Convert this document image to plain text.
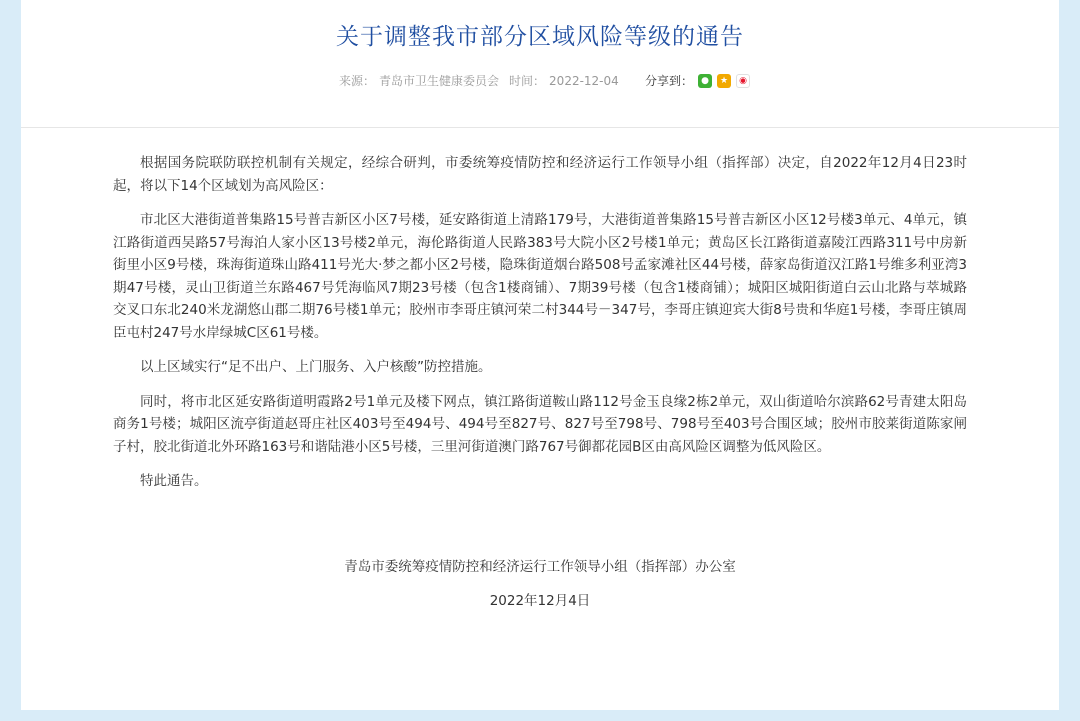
关于调整我市部分区域风险等级的通告
来源： 青岛市卫生健康委员会 时间： 2022-12-04	分享到： ●	★	◉

根据国务院联防联控机制有关规定，经综合研判，市委统筹疫情防控和经济运行工作领导小组（指挥部）决定，自2022年12月4日23时起，将以下14个区域划为高风险区：

市北区大港街道普集路15号普吉新区小区7号楼，延安路街道上清路179号，大港街道普集路15号普吉新区小区12号楼3单元、4单元，镇江路街道西吴路57号海泊人家小区13号楼2单元，海伦路街道人民路383号大院小区2号楼1单元；黄岛区长江路街道嘉陵江西路311号中房新街里小区9号楼，珠海街道珠山路411号光大·梦之都小区2号楼，隐珠街道烟台路508号孟家滩社区44号楼，薛家岛街道汉江路1号维多利亚湾3期47号楼，灵山卫街道兰东路467号凭海临风7期23号楼（包含1楼商铺）、7期39号楼（包含1楼商铺）；城阳区城阳街道白云山北路与萃城路交叉口东北240米龙湖悠山郡二期76号楼1单元；胶州市李哥庄镇河荣二村344号－347号，李哥庄镇迎宾大街8号贵和华庭1号楼，李哥庄镇周臣屯村247号水岸绿城C区61号楼。

以上区域实行“足不出户、上门服务、入户核酸”防控措施。

同时，将市北区延安路街道明霞路2号1单元及楼下网点，镇江路街道鞍山路112号金玉良缘2栋2单元，双山街道哈尔滨路62号青建太阳岛商务1号楼；城阳区流亭街道赵哥庄社区403号至494号、494号至827号、827号至798号、798号至403号合围区域；胶州市胶莱街道陈家闸子村，胶北街道北外环路163号和谐陆港小区5号楼，三里河街道澳门路767号御都花园B区由高风险区调整为低风险区。

特此通告。

青岛市委统筹疫情防控和经济运行工作领导小组（指挥部）办公室

2022年12月4日
